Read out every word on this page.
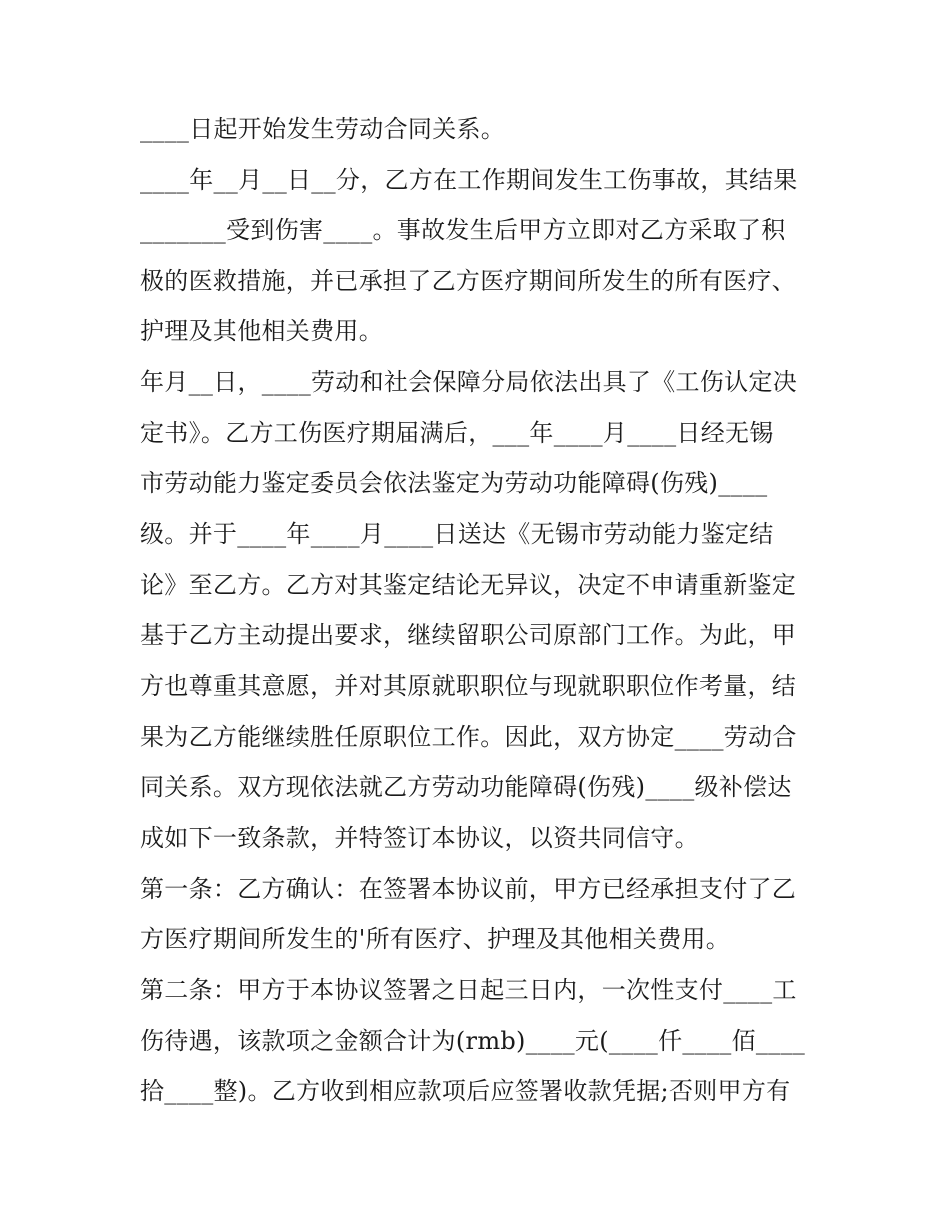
____日起开始发生劳动合同关系。

____年__月__日__分，乙方在工作期间发生工伤事故，其结果

_______受到伤害____。事故发生后甲方立即对乙方采取了积

极的医救措施，并已承担了乙方医疗期间所发生的所有医疗、

护理及其他相关费用。

年月__日，____劳动和社会保障分局依法出具了《工伤认定决

定书》。乙方工伤医疗期届满后，___年____月____日经无锡

市劳动能力鉴定委员会依法鉴定为劳动功能障碍(伤残)____

级。并于____年____月____日送达《无锡市劳动能力鉴定结

论》至乙方。乙方对其鉴定结论无异议，决定不申请重新鉴定

基于乙方主动提出要求，继续留职公司原部门工作。为此，甲

方也尊重其意愿，并对其原就职职位与现就职职位作考量，结

果为乙方能继续胜任原职位工作。因此，双方协定____劳动合

同关系。双方现依法就乙方劳动功能障碍(伤残)____级补偿达

成如下一致条款，并特签订本协议，以资共同信守。

第一条：乙方确认：在签署本协议前，甲方已经承担支付了乙

方医疗期间所发生的'所有医疗、护理及其他相关费用。

第二条：甲方于本协议签署之日起三日内，一次性支付____工

伤待遇，该款项之金额合计为(rmb)____元(____仟____佰____

拾____整)。乙方收到相应款项后应签署收款凭据;否则甲方有
